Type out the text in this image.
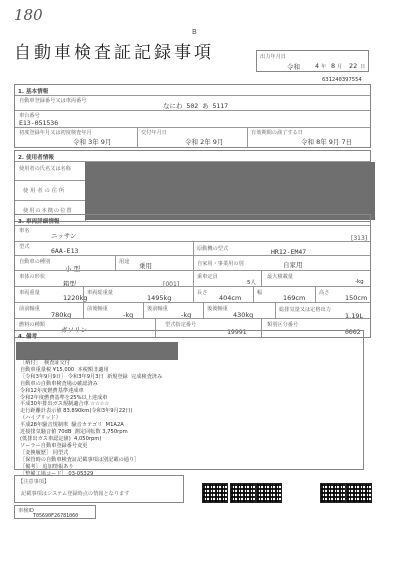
180
B
自動車検査証記録事項	出力年月日
令和 4 年 8 月 22 日
631240397554
1. 基本情報
自動車登録番号又は車両番号
なにわ 502 あ 5117
車台番号
E13-051536
初度登録年月又は初度検査年月
令和 3年 9月
交付年月日
令和 2年 9月
有効期間の満了する日
令和 8年 9月 7日
2. 使用者情報
使用者の氏名又は名称
使用者の住所
使用の本拠の位置
3. 車両詳細情報
車名
ニッサン	[313]
型式	6AA-E13	原動機の型式	HR12-EM47
自動車の種別
小 型
用途 乗用	自家用・事業用の別	自家用
車体の形状
箱型	[001]
乗車定員
5人
最大積載量
-kg
車両重量
1220kg
車両総重量
1495kg
長さ
404cm
幅
169cm
高さ
150cm
前前軸重
780kg
前後軸重
-kg
後前軸重
-kg
後後軸重
430kg
総排気量又は定格出力
1.19L
燃料の種類
ガソリン
型式指定番号
19991
類別区分番号
0002
4. 備考
［納付］  検査証交付
自動車重量税 ¥15,000  本税額非適用
［令和3年9月9日］ 令和3年9月3日  新規登録  完成検査済み
自動車の自動車検査場の確認済み
令和12年度燃費基準達成車
令和2年度燃費基準を25%以上達成車
平成30年排出ガス規制適合車 ☆☆☆☆
走行距離計表示値 83,890km(令和3年9月22日)
（ハイブリッド）
平成28年騒音規制車  騒音カテゴリ  M1A2A
近接排気騒音値 70dB  測定回転数 3,750rpm
(低排出ガス車認定値)  4,050rpm)
ソーラー自動車登録番号変更
［変換履歴］ 同型式
［保管時の自動車検査証記載事項は別記載の通り］
［備考］ 追加情報あり
［整備工場コード］ 03-05329
【注意事項】
記載事項はシステム登録時点の情報となります
車検ID
T05690F26781060
